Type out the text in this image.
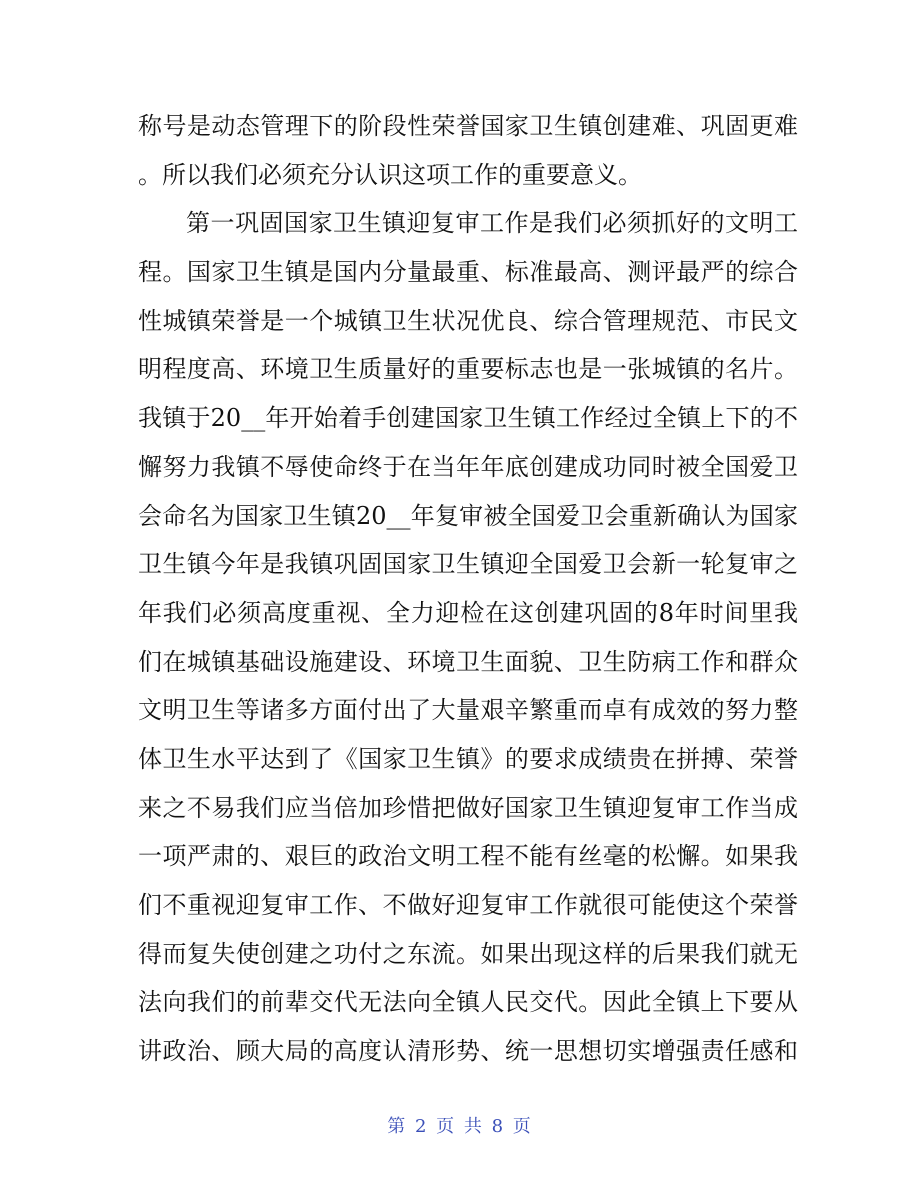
称号是动态管理下的阶段性荣誉国家卫生镇创建难、巩固更难
。所以我们必须充分认识这项工作的重要意义。
第一巩固国家卫生镇迎复审工作是我们必须抓好的文明工
程。国家卫生镇是国内分量最重、标准最高、测评最严的综合
性城镇荣誉是一个城镇卫生状况优良、综合管理规范、市民文
明程度高、环境卫生质量好的重要标志也是一张城镇的名片。
我镇于20__年开始着手创建国家卫生镇工作经过全镇上下的不
懈努力我镇不辱使命终于在当年年底创建成功同时被全国爱卫
会命名为国家卫生镇20__年复审被全国爱卫会重新确认为国家
卫生镇今年是我镇巩固国家卫生镇迎全国爱卫会新一轮复审之
年我们必须高度重视、全力迎检在这创建巩固的8年时间里我
们在城镇基础设施建设、环境卫生面貌、卫生防病工作和群众
文明卫生等诸多方面付出了大量艰辛繁重而卓有成效的努力整
体卫生水平达到了《国家卫生镇》的要求成绩贵在拼搏、荣誉
来之不易我们应当倍加珍惜把做好国家卫生镇迎复审工作当成
一项严肃的、艰巨的政治文明工程不能有丝毫的松懈。如果我
们不重视迎复审工作、不做好迎复审工作就很可能使这个荣誉
得而复失使创建之功付之东流。如果出现这样的后果我们就无
法向我们的前辈交代无法向全镇人民交代。因此全镇上下要从
讲政治、顾大局的高度认清形势、统一思想切实增强责任感和
第 2 页 共 8 页
